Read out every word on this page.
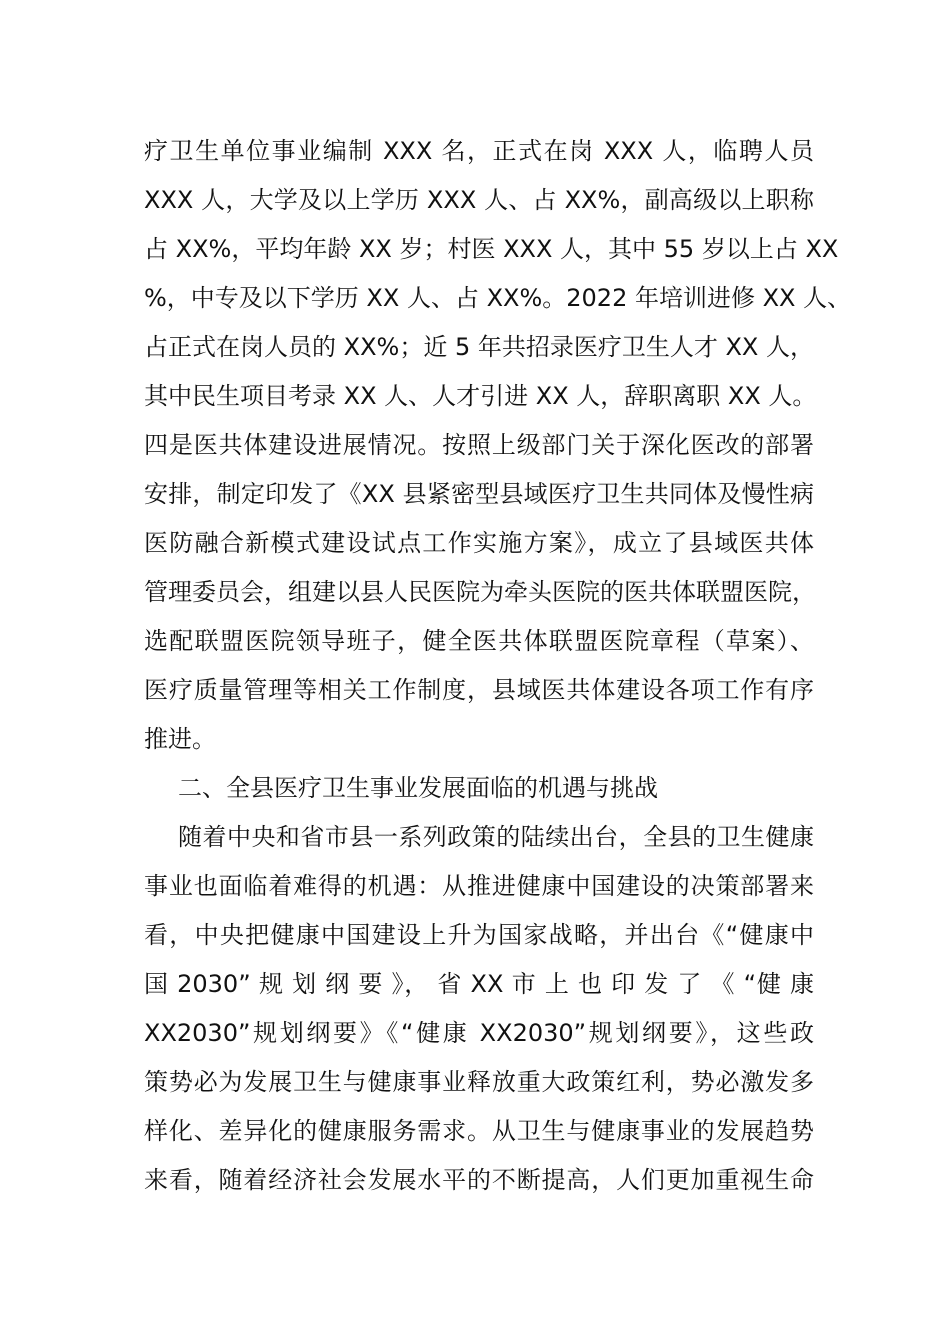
疗卫生单位事业编制 XXX 名，正式在岗 XXX 人，临聘人员
XXX 人，大学及以上学历 XXX 人、占 XX%，副高级以上职称
占 XX%，平均年龄 XX 岁；村医 XXX 人，其中 55 岁以上占 XX
%，中专及以下学历 XX 人、占 XX%。2022 年培训进修 XX 人、
占正式在岗人员的 XX%；近 5 年共招录医疗卫生人才 XX 人，
其中民生项目考录 XX 人、人才引进 XX 人，辞职离职 XX 人。
四是医共体建设进展情况。按照上级部门关于深化医改的部署
安排，制定印发了《XX 县紧密型县域医疗卫生共同体及慢性病
医防融合新模式建设试点工作实施方案》，成立了县域医共体
管理委员会，组建以县人民医院为牵头医院的医共体联盟医院，
选配联盟医院领导班子，健全医共体联盟医院章程（草案）、
医疗质量管理等相关工作制度，县域医共体建设各项工作有序
推进。
二、全县医疗卫生事业发展面临的机遇与挑战
随着中央和省市县一系列政策的陆续出台，全县的卫生健康
事业也面临着难得的机遇：从推进健康中国建设的决策部署来
看，中央把健康中国建设上升为国家战略，并出台《“健康中
国 2030” 规 划 纲 要 》， 省 XX 市 上 也 印 发 了 《 “健 康
XX2030”规划纲要》《“健康 XX2030”规划纲要》，这些政
策势必为发展卫生与健康事业释放重大政策红利，势必激发多
样化、差异化的健康服务需求。从卫生与健康事业的发展趋势
来看，随着经济社会发展水平的不断提高，人们更加重视生命
